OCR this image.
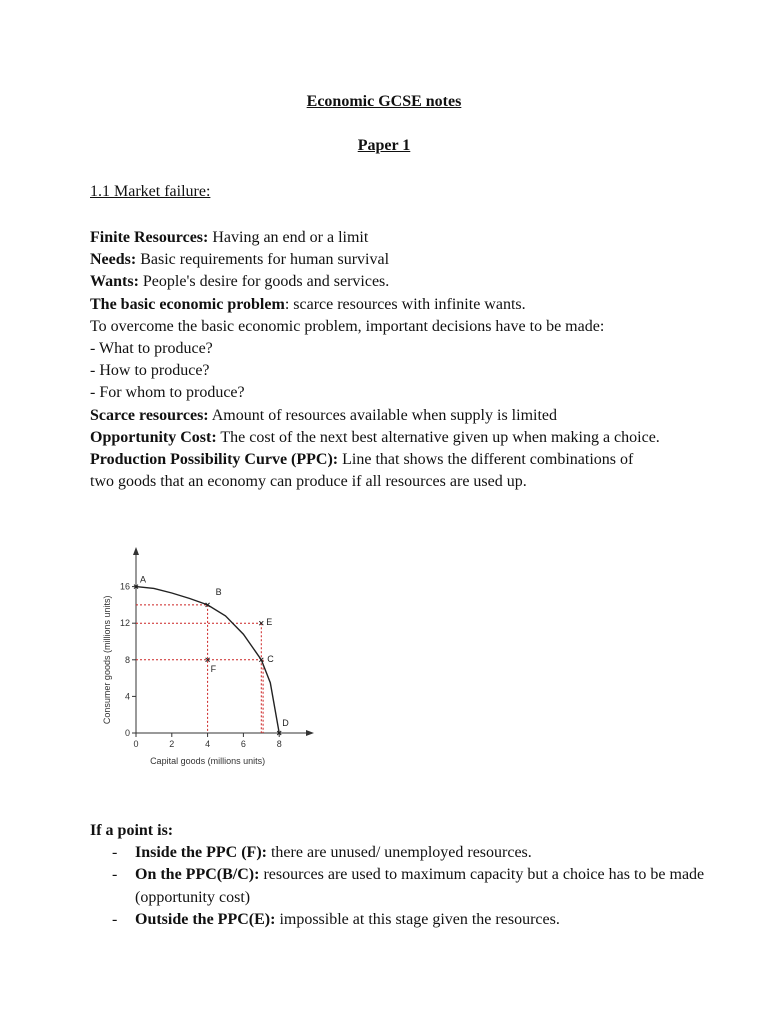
Economic GCSE notes
Paper 1
1.1 Market failure:
Finite Resources: Having an end or a limit
Needs: Basic requirements for human survival
Wants: People's desire for goods and services.
The basic economic problem: scarce resources with infinite wants.
To overcome the basic economic problem, important decisions have to be made:
- What to produce?
- How to produce?
- For whom to produce?
Scarce resources: Amount of resources available when supply is limited
Opportunity Cost: The cost of the next best alternative given up when making a choice.
Production Possibility Curve (PPC): Line that shows the different combinations of
two goods that an economy can produce if all resources are used up.
0	2	4	6	8
0
4
8
12
16
Capital goods (millions units)
Consumer goods (millions units)
A
B
C
D
E
F
If a point is:
- Inside the PPC (F): there are unused/ unemployed resources.
- On the PPC(B/C): resources are used to maximum capacity but a choice has to be made (opportunity cost)
- Outside the PPC(E): impossible at this stage given the resources.
